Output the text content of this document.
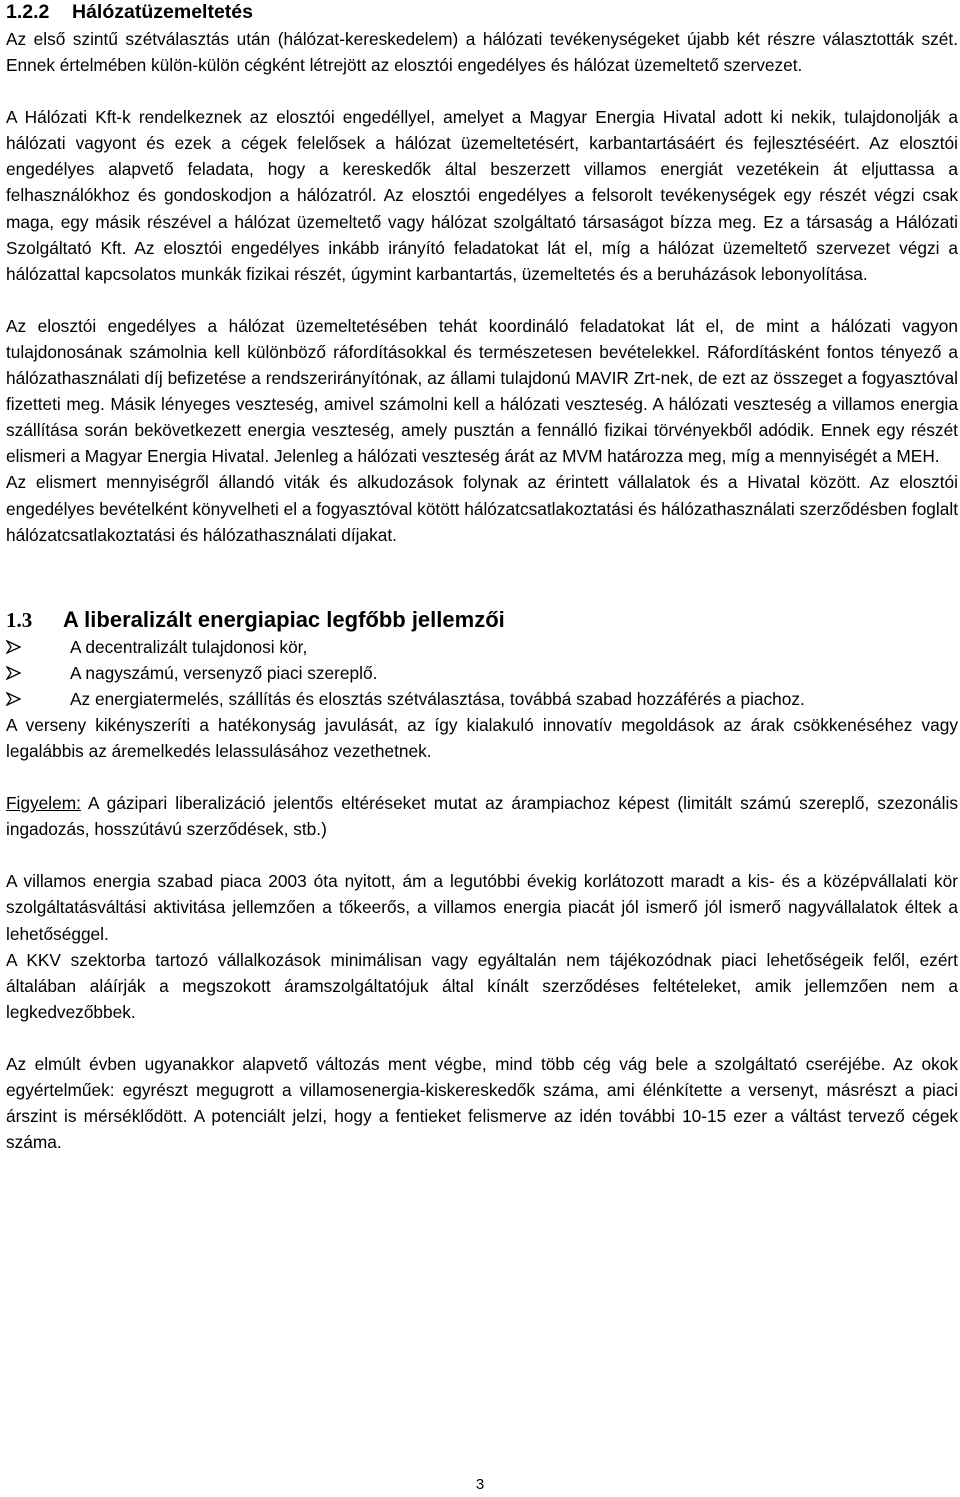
1.2.2 Hálózatüzemeltetés

Az első szintű szétválasztás után (hálózat-kereskedelem) a hálózati tevékenységeket újabb két részre választották szét. Ennek értelmében külön-külön cégként létrejött az elosztói engedélyes és hálózat üzemeltető szervezet.

A Hálózati Kft-k rendelkeznek az elosztói engedéllyel, amelyet a Magyar Energia Hivatal adott ki nekik, tulajdonolják a hálózati vagyont és ezek a cégek felelősek a hálózat üzemeltetésért, karbantartásáért és fejlesztéséért. Az elosztói engedélyes alapvető feladata, hogy a kereskedők által beszerzett villamos energiát vezetékein át eljuttassa a felhasználókhoz és gondoskodjon a hálózatról. Az elosztói engedélyes a felsorolt tevékenységek egy részét végzi csak maga, egy másik részével a hálózat üzemeltető vagy hálózat szolgáltató társaságot bízza meg. Ez a társaság a Hálózati Szolgáltató Kft. Az elosztói engedélyes inkább irányító feladatokat lát el, míg a hálózat üzemeltető szervezet végzi a hálózattal kapcsolatos munkák fizikai részét, úgymint karbantartás, üzemeltetés és a beruházások lebonyolítása.

Az elosztói engedélyes a hálózat üzemeltetésében tehát koordináló feladatokat lát el, de mint a hálózati vagyon tulajdonosának számolnia kell különböző ráfordításokkal és természetesen bevételekkel. Ráfordításként fontos tényező a hálózathasználati díj befizetése a rendszerirányítónak, az állami tulajdonú MAVIR Zrt-nek, de ezt az összeget a fogyasztóval fizetteti meg. Másik lényeges veszteség, amivel számolni kell a hálózati veszteség. A hálózati veszteség a villamos energia szállítása során bekövetkezett energia veszteség, amely pusztán a fennálló fizikai törvényekből adódik. Ennek egy részét elismeri a Magyar Energia Hivatal. Jelenleg a hálózati veszteség árát az MVM határozza meg, míg a mennyiségét a MEH.

Az elismert mennyiségről állandó viták és alkudozások folynak az érintett vállalatok és a Hivatal között. Az elosztói engedélyes bevételként könyvelheti el a fogyasztóval kötött hálózatcsatlakoztatási és hálózathasználati szerződésben foglalt hálózatcsatlakoztatási és hálózathasználati díjakat.

1.3	A liberalizált energiapiac legfőbb jellemzői
A decentralizált tulajdonosi kör,
A nagyszámú, versenyző piaci szereplő.
Az energiatermelés, szállítás és elosztás szétválasztása, továbbá szabad hozzáférés a piachoz.

A verseny kikényszeríti a hatékonyság javulását, az így kialakuló innovatív megoldások az árak csökkenéséhez vagy legalábbis az áremelkedés lelassulásához vezethetnek.

Figyelem: A gázipari liberalizáció jelentős eltéréseket mutat az árampiachoz képest (limitált számú szereplő, szezonális ingadozás, hosszútávú szerződések, stb.)

A villamos energia szabad piaca 2003 óta nyitott, ám a legutóbbi évekig korlátozott maradt a kis- és a középvállalati kör szolgáltatásváltási aktivitása jellemzően a tőkeerős, a villamos energia piacát jól ismerő jól ismerő nagyvállalatok éltek a lehetőséggel.

A KKV szektorba tartozó vállalkozások minimálisan vagy egyáltalán nem tájékozódnak piaci lehetőségeik felől, ezért általában aláírják a megszokott áramszolgáltatójuk által kínált szerződéses feltételeket, amik jellemzően nem a legkedvezőbbek.

Az elmúlt évben ugyanakkor alapvető változás ment végbe, mind több cég vág bele a szolgáltató cseréjébe. Az okok egyértelműek: egyrészt megugrott a villamosenergia-kiskereskedők száma, ami élénkítette a versenyt, másrészt a piaci árszint is mérséklődött. A potenciált jelzi, hogy a fentieket felismerve az idén további 10-15 ezer a váltást tervező cégek száma.

3
